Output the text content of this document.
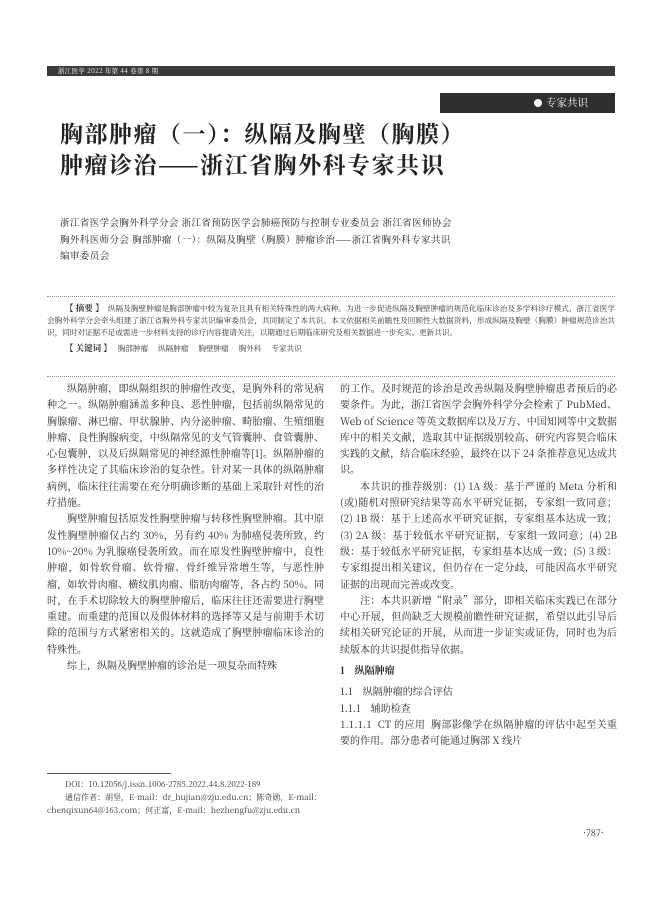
浙江医学 2022 年第 44 卷第 8 期
专家共识
胸部肿瘤（一）：纵隔及胸壁（胸膜）肿瘤诊治——浙江省胸外科专家共识
浙江省医学会胸外科学分会 浙江省预防医学会肺癌预防与控制专业委员会 浙江省医师协会胸外科医师分会 胸部肿瘤（一）：纵隔及胸壁（胸膜）肿瘤诊治——浙江省胸外科专家共识编审委员会
【 摘要 】 纵隔及胸壁肿瘤是胸部肿瘤中较为复杂且具有相关特殊性的两大病种。为进一步促进纵隔及胸壁肿瘤的规范化临床诊治及多学科诊疗模式，浙江省医学会胸外科学分会牵头组建了浙江省胸外科专家共识编审委员会，共同制定了本共识。本文依据相关前瞻性及回顾性大数据资料，形成纵隔及胸壁（胸膜）肿瘤规范诊治共识，同时对证据不足或需进一步材料支持的诊疗内容提请关注，以期通过后期临床研究及相关数据进一步充实、更新共识。
【 关键词 】 胸部肿瘤 纵隔肿瘤 胸壁肿瘤 胸外科 专家共识

纵隔肿瘤，即纵隔组织的肿瘤性改变，是胸外科的常见病种之一。纵隔肿瘤涵盖多种良、恶性肿瘤，包括前纵隔常见的胸腺瘤、淋巴瘤、甲状腺肿、内分泌肿瘤、畸胎瘤、生殖细胞肿瘤、良性胸腺病变，中纵隔常见的支气管囊肿、食管囊肿、心包囊肿，以及后纵隔常见的神经源性肿瘤等[1]。纵隔肿瘤的多样性决定了其临床诊治的复杂性。针对某一具体的纵隔肿瘤病例，临床往往需要在充分明确诊断的基础上采取针对性的治疗措施。

胸壁肿瘤包括原发性胸壁肿瘤与转移性胸壁肿瘤。其中原发性胸壁肿瘤仅占约 30%，另有约 40% 为肺癌侵袭所致，约 10%~20% 为乳腺癌侵袭所致。而在原发性胸壁肿瘤中，良性肿瘤，如骨软骨瘤、软骨瘤、骨纤维异常增生等，与恶性肿瘤，如软骨肉瘤、横纹肌肉瘤、脂肪肉瘤等，各占约 50%。同时，在手术切除较大的胸壁肿瘤后，临床往往还需要进行胸壁重建。而重建的范围以及假体材料的选择等又是与前期手术切除的范围与方式紧密相关的。这就造成了胸壁肿瘤临床诊治的特殊性。

综上，纵隔及胸壁肿瘤的诊治是一项复杂而特殊

的工作。及时规范的诊治是改善纵隔及胸壁肿瘤患者预后的必要条件。为此，浙江省医学会胸外科学分会检索了 PubMed、Web of Science 等英文数据库以及万方、中国知网等中文数据库中的相关文献，选取其中证据级别较高、研究内容契合临床实践的文献，结合临床经验，最终在以下 24 条推荐意见达成共识。

本共识的推荐级别：(1) 1A 级：基于严谨的 Meta 分析和(或)随机对照研究结果等高水平研究证据，专家组一致同意；(2) 1B 级：基于上述高水平研究证据，专家组基本达成一致；(3) 2A 级：基于较低水平研究证据，专家组一致同意；(4) 2B 级：基于较低水平研究证据，专家组基本达成一致；(5) 3 级：专家组提出相关建议，但仍存在一定分歧，可能因高水平研究证据的出现而完善或改变。

注：本共识新增“附录”部分，即相关临床实践已在部分中心开展，但尚缺乏大规模前瞻性研究证据，希望以此引导后续相关研究论证的开展，从而进一步证实或证伪，同时也为后续版本的共识提供指导依据。

1　纵隔肿瘤

1.1　纵隔肿瘤的综合评估

1.1.1　辅助检查

1.1.1.1 CT 的应用 胸部影像学在纵隔肿瘤的评估中起至关重要的作用。部分患者可能通过胸部 X 线片

DOI：10.12056/j.issn.1006-2785.2022.44.8.2022-189
通信作者：胡坚，E-mail：dr_hujian@zju.edu.cn；陈奇勋，E-mail：chenqixun64@163.com；何正富，E-mail：hezhengfu@zju.edu.cn
·787·
